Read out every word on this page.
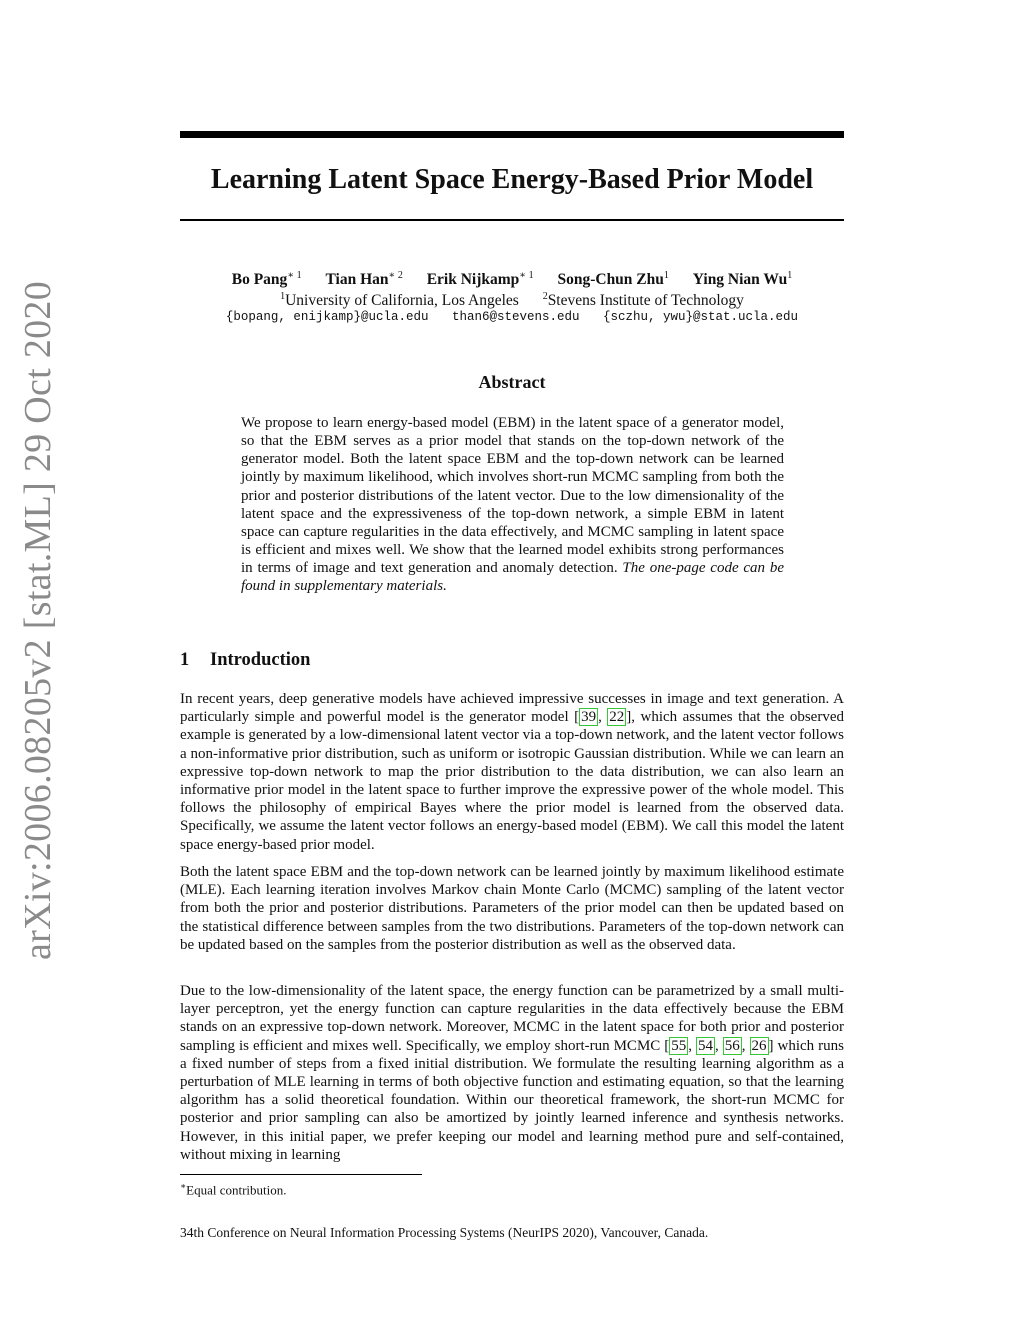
arXiv:2006.08205v2 [stat.ML] 29 Oct 2020
Learning Latent Space Energy-Based Prior Model
Bo Pang$^{∗ 1}$ Tian Han$^{∗ 2}$ Erik Nijkamp$^{∗ 1}$ Song-Chun Zhu$^1$ Ying Nian Wu$^1$
$^1$University of California, Los Angeles $^2$Stevens Institute of Technology
{bopang, enijkamp}@ucla.edu than6@stevens.edu {sczhu, ywu}@stat.ucla.edu
Abstract
We propose to learn energy-based model (EBM) in the latent space of a generator model, so that the EBM serves as a prior model that stands on the top-down network of the generator model. Both the latent space EBM and the top-down network can be learned jointly by maximum likelihood, which involves short-run MCMC sampling from both the prior and posterior distributions of the latent vector. Due to the low dimensionality of the latent space and the expressiveness of the top-down network, a simple EBM in latent space can capture regularities in the data effectively, and MCMC sampling in latent space is efficient and mixes well. We show that the learned model exhibits strong performances in terms of image and text generation and anomaly detection. The one-page code can be found in supplementary materials.
1 Introduction

In recent years, deep generative models have achieved impressive successes in image and text generation. A particularly simple and powerful model is the generator model [ 39 , 22 ], which assumes that the observed example is generated by a low-dimensional latent vector via a top-down network, and the latent vector follows a non-informative prior distribution, such as uniform or isotropic Gaussian distribution. While we can learn an expressive top-down network to map the prior distribution to the data distribution, we can also learn an informative prior model in the latent space to further improve the expressive power of the whole model. This follows the philosophy of empirical Bayes where the prior model is learned from the observed data. Specifically, we assume the latent vector follows an energy-based model (EBM). We call this model the latent space energy-based prior model.

Both the latent space EBM and the top-down network can be learned jointly by maximum likelihood estimate (MLE). Each learning iteration involves Markov chain Monte Carlo (MCMC) sampling of the latent vector from both the prior and posterior distributions. Parameters of the prior model can then be updated based on the statistical difference between samples from the two distributions. Parameters of the top-down network can be updated based on the samples from the posterior distribution as well as the observed data.

Due to the low-dimensionality of the latent space, the energy function can be parametrized by a small multi-layer perceptron, yet the energy function can capture regularities in the data effectively because the EBM stands on an expressive top-down network. Moreover, MCMC in the latent space for both prior and posterior sampling is efficient and mixes well. Specifically, we employ short-run MCMC [ 55 , 54 , 56 , 26 ] which runs a fixed number of steps from a fixed initial distribution. We formulate the resulting learning algorithm as a perturbation of MLE learning in terms of both objective function and estimating equation, so that the learning algorithm has a solid theoretical foundation. Within our theoretical framework, the short-run MCMC for posterior and prior sampling can also be amortized by jointly learned inference and synthesis networks. However, in this initial paper, we prefer keeping our model and learning method pure and self-contained, without mixing in learning

∗Equal contribution.
34th Conference on Neural Information Processing Systems (NeurIPS 2020), Vancouver, Canada.
